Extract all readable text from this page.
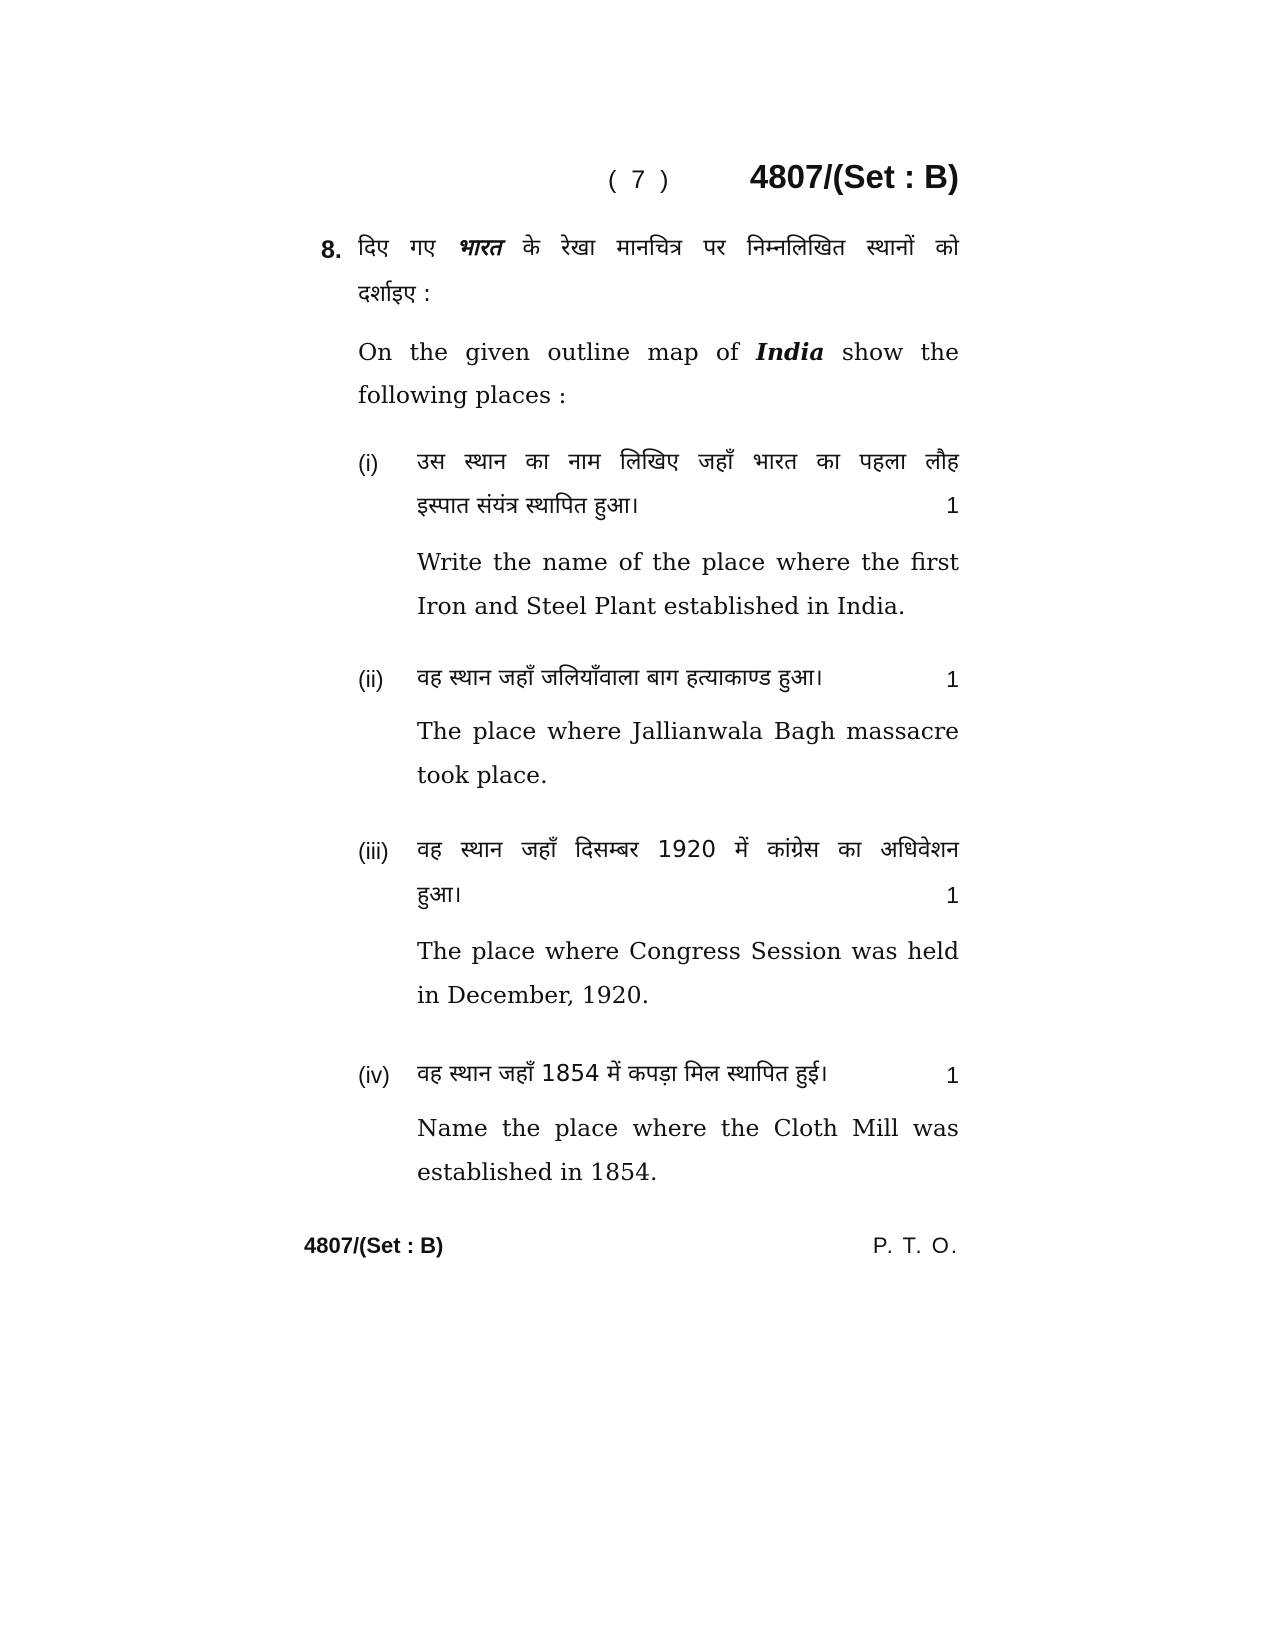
( 7 ) 4807/(Set : B)
8. दिए गए भारत के रेखा मानचित्र पर निम्नलिखित स्थानों को
दर्शाइए :
On the given outline map of India show the
following places :
(i) उस स्थान का नाम लिखिए जहाँ भारत का पहला लौह
इस्पात संयंत्र स्थापित हुआ।	1
Write the name of the place where the first
Iron and Steel Plant established in India.
(ii) वह स्थान जहाँ जलियाँवाला बाग हत्याकाण्ड हुआ।	1
The place where Jallianwala Bagh massacre
took place.
(iii) वह स्थान जहाँ दिसम्बर 1920 में कांग्रेस का अधिवेशन
हुआ।	1
The place where Congress Session was held
in December, 1920.
(iv) वह स्थान जहाँ 1854 में कपड़ा मिल स्थापित हुई।	1
Name the place where the Cloth Mill was
established in 1854.
4807/(Set : B)	P. T. O.
